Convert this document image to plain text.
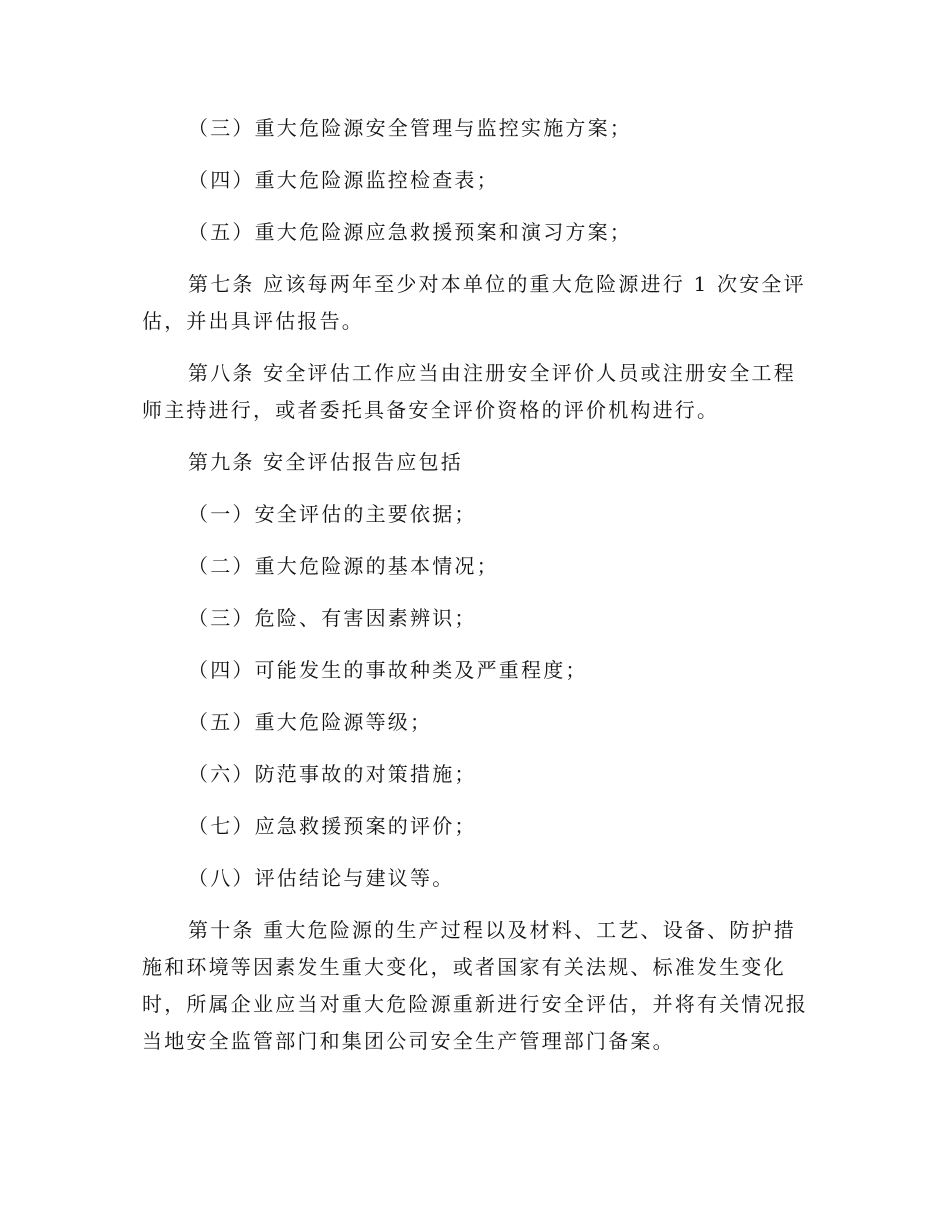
（三）重大危险源安全管理与监控实施方案；

（四）重大危险源监控检查表；

（五）重大危险源应急救援预案和演习方案；

第七条 应该每两年至少对本单位的重大危险源进行 1 次安全评估，并出具评估报告。

第八条 安全评估工作应当由注册安全评价人员或注册安全工程师主持进行，或者委托具备安全评价资格的评价机构进行。

第九条 安全评估报告应包括

（一）安全评估的主要依据；

（二）重大危险源的基本情况；

（三）危险、有害因素辨识；

（四）可能发生的事故种类及严重程度；

（五）重大危险源等级；

（六）防范事故的对策措施；

（七）应急救援预案的评价；

（八）评估结论与建议等。

第十条 重大危险源的生产过程以及材料、工艺、设备、防护措施和环境等因素发生重大变化，或者国家有关法规、标准发生变化时，所属企业应当对重大危险源重新进行安全评估，并将有关情况报当地安全监管部门和集团公司安全生产管理部门备案。
